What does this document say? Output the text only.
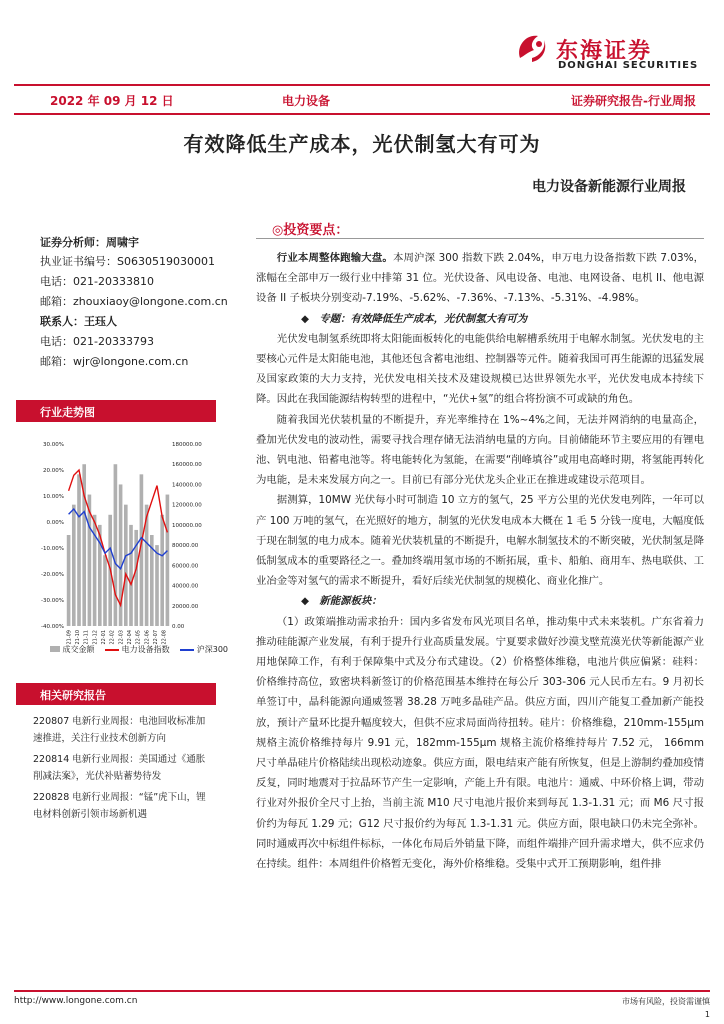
东海证券
DONGHAI SECURITIES
2022 年 09 月 12 日	电力设备	证券研究报告-行业周报
有效降低生产成本，光伏制氢大有可为
电力设备新能源行业周报
证券分析师：周啸宇
执业证书编号：S0630519030001
电话：021-20333810
邮箱：zhouxiaoy@longone.com.cn
联系人：王珏人
电话：021-20333793
邮箱：wjr@longone.com.cn
行业走势图
30.00%
20.00%
10.00%
0.00%
-10.00%
-20.00%
-30.00%
-40.00%
180000.00
160000.00
140000.00
120000.00
100000.00
80000.00
60000.00
40000.00
20000.00
0.00
21-09 21-10 21-11 21-12 22-01 22-02 22-03 22-04 22-05 22-06 22-07 22-08
成交金额	电力设备指数	沪深300
相关研究报告
220807 电新行业周报：电池回收标准加速推进，关注行业技术创新方向
220814 电新行业周报：美国通过《通胀削减法案》，光伏补贴蓄势待发
220828 电新行业周报：“锰”虎下山，锂电材料创新引领市场新机遇
◎投资要点：

行业本周整体跑输大盘。本周沪深 300 指数下跌 2.04%，申万电力设备指数下跌 7.03%，涨幅在全部申万一级行业中排第 31 位。光伏设备、风电设备、电池、电网设备、电机 II、他电源设备 II 子板块分别变动-7.19%、-5.62%、-7.36%、-7.13%、-5.31%、-4.98%。

◆　专题：有效降低生产成本，光伏制氢大有可为

光伏发电制氢系统即将太阳能面板转化的电能供给电解槽系统用于电解水制氢。光伏发电的主要核心元件是太阳能电池，其他还包含蓄电池组、控制器等元件。随着我国可再生能源的迅猛发展及国家政策的大力支持，光伏发电相关技术及建设规模已达世界领先水平，光伏发电成本持续下降。因此在我国能源结构转型的进程中，“光伏+氢”的组合将扮演不可或缺的角色。

随着我国光伏装机量的不断提升，弃光率维持在 1%~4%之间，无法并网消纳的电量高企，叠加光伏发电的波动性，需要寻找合理存储无法消纳电量的方向。目前储能环节主要应用的有锂电池、钒电池、铅蓄电池等。将电能转化为氢能，在需要“削峰填谷”或用电高峰时期，将氢能再转化为电能，是未来发展方向之一。目前已有部分光伏龙头企业正在推进或建设示范项目。

据测算，10MW 光伏每小时可制造 10 立方的氢气，25 平方公里的光伏发电列阵，一年可以产 100 万吨的氢气，在光照好的地方，制氢的光伏发电成本大概在 1 毛 5 分钱一度电，大幅度低于现在制氢的电力成本。随着光伏装机量的不断提升，电解水制氢技术的不断突破，光伏制氢是降低制氢成本的重要路径之一。叠加终端用氢市场的不断拓展，重卡、船舶、商用车、热电联供、工业冶金等对氢气的需求不断提升，看好后续光伏制氢的规模化、商业化推广。

◆　新能源板块：

（1）政策端推动需求抬升：国内多省发布风光项目名单，推动集中式未来装机。广东省着力推动硅能源产业发展，有利于提升行业高质量发展。宁夏要求做好沙漠戈壁荒漠光伏等新能源产业用地保障工作，有利于保障集中式及分布式建设。（2）价格整体维稳，电池片供应偏紧：硅料：价格维持高位，致密块料新签订的价格范围基本维持在每公斤 303-306 元人民币左右。9 月初长单签订中，晶科能源向通威签署 38.28 万吨多晶硅产品。供应方面，四川产能复工叠加新产能投放，预计产量环比提升幅度较大，但供不应求局面尚待扭转。硅片：价格维稳，210mm-155μm 规格主流价格维持每片 9.91 元，182mm-155μm 规格主流价格维持每片 7.52 元， 166mm 尺寸单晶硅片价格陆续出现松动迹象。供应方面，限电结束产能有所恢复，但是上游制约叠加疫情反复，同时地震对于拉晶环节产生一定影响，产能上升有限。电池片：通威、中环价格上调，带动行业对外报价全尺寸上抬，当前主流 M10 尺寸电池片报价来到每瓦 1.3-1.31 元；而 M6 尺寸报价约为每瓦 1.29 元；G12 尺寸报价约为每瓦 1.3-1.31 元。供应方面，限电缺口仍未完全弥补。同时通威再次中标组件标标，一体化布局后外销量下降，而组件端排产回升需求增大，供不应求仍在持续。组件：本周组件价格暂无变化，海外价格维稳。受集中式开工预期影响，组件排

http://www.longone.com.cn	市场有风险，投资需谨慎
1
